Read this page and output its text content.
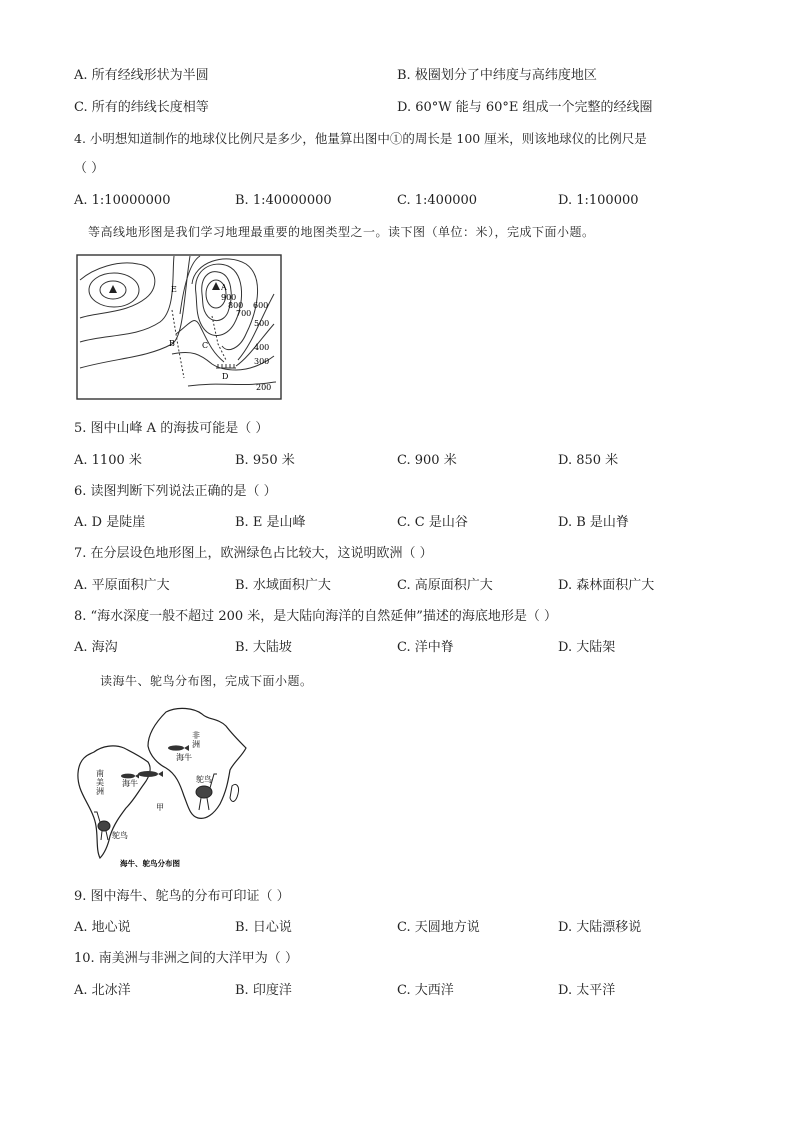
A. 所有经线形状为半圆	B. 极圈划分了中纬度与高纬度地区
C. 所有的纬线长度相等	D. 60°W 能与 60°E 组成一个完整的经线圈
4. 小明想知道制作的地球仪比例尺是多少，他量算出图中①的周长是 100 厘米，则该地球仪的比例尺是
（ ）
A. 1:10000000	B. 1:40000000	C. 1:400000	D. 1:100000
等高线地形图是我们学习地理最重要的地图类型之一。读下图（单位：米），完成下面小题。
E
B	C
D
A
900
800
700
600
500
400
300
200
5. 图中山峰 A 的海拔可能是（ ）
A. 1100 米	B. 950 米	C. 900 米	D. 850 米
6. 读图判断下列说法正确的是（ ）
A. D 是陡崖	B. E 是山峰	C. C 是山谷	D. B 是山脊
7. 在分层设色地形图上，欧洲绿色占比较大，这说明欧洲（ ）
A. 平原面积广大	B. 水域面积广大	C. 高原面积广大	D. 森林面积广大
8. “海水深度一般不超过 200 米，是大陆向海洋的自然延伸”描述的海底地形是（ ）
A. 海沟	B. 大陆坡	C. 洋中脊	D. 大陆架
读海牛、鸵鸟分布图，完成下面小题。
非洲
海牛
鸵鸟
南美洲
海牛
甲
鸵鸟
海牛、鸵鸟分布图
9. 图中海牛、鸵鸟的分布可印证（ ）
A. 地心说	B. 日心说	C. 天圆地方说	D. 大陆漂移说
10. 南美洲与非洲之间的大洋甲为（ ）
A. 北冰洋	B. 印度洋	C. 大西洋	D. 太平洋
